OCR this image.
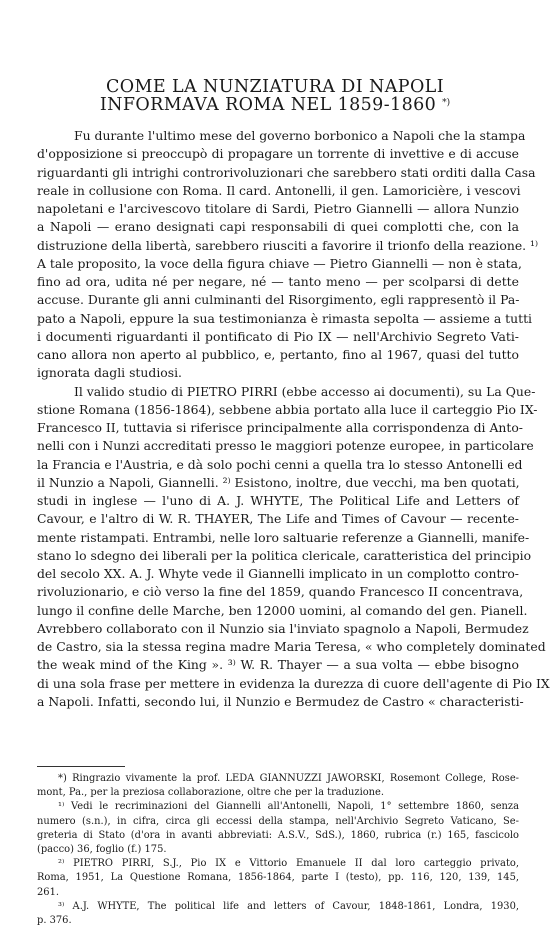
COME LA NUNZIATURA DI NAPOLI
INFORMAVA ROMA NEL 1859-1860 *)
Fu durante l'ultimo mese del governo borbonico a Napoli che la stampa
d'opposizione si preoccupò di propagare un torrente di invettive e di accuse
riguardanti gli intrighi controrivoluzionari che sarebbero stati orditi dalla Casa
reale in collusione con Roma. Il card. Antonelli, il gen. Lamoricière, i vescovi
napoletani e l'arcivescovo titolare di Sardi, Pietro Giannelli — allora Nunzio
a Napoli — erano designati capi responsabili di quei complotti che, con la
distruzione della libertà, sarebbero riusciti a favorire il trionfo della reazione. ¹⁾
A tale proposito, la voce della figura chiave — Pietro Giannelli — non è stata,
fino ad ora, udita né per negare, né — tanto meno — per scolparsi di dette
accuse. Durante gli anni culminanti del Risorgimento, egli rappresentò il Pa-
pato a Napoli, eppure la sua testimonianza è rimasta sepolta — assieme a tutti
i documenti riguardanti il pontificato di Pio IX — nell'Archivio Segreto Vati-
cano allora non aperto al pubblico, e, pertanto, fino al 1967, quasi del tutto
ignorata dagli studiosi.
Il valido studio di PIETRO PIRRI (ebbe accesso ai documenti), su La Que-
stione Romana (1856-1864), sebbene abbia portato alla luce il carteggio Pio IX-
Francesco II, tuttavia si riferisce principalmente alla corrispondenza di Anto-
nelli con i Nunzi accreditati presso le maggiori potenze europee, in particolare
la Francia e l'Austria, e dà solo pochi cenni a quella tra lo stesso Antonelli ed
il Nunzio a Napoli, Giannelli. ²⁾ Esistono, inoltre, due vecchi, ma ben quotati,
studi in inglese — l'uno di A. J. WHYTE, The Political Life and Letters of
Cavour, e l'altro di W. R. THAYER, The Life and Times of Cavour — recente-
mente ristampati. Entrambi, nelle loro saltuarie referenze a Giannelli, manife-
stano lo sdegno dei liberali per la politica clericale, caratteristica del principio
del secolo XX. A. J. Whyte vede il Giannelli implicato in un complotto contro-
rivoluzionario, e ciò verso la fine del 1859, quando Francesco II concentrava,
lungo il confine delle Marche, ben 12000 uomini, al comando del gen. Pianell.
Avrebbero collaborato con il Nunzio sia l'inviato spagnolo a Napoli, Bermudez
de Castro, sia la stessa regina madre Maria Teresa, « who completely dominated
the weak mind of the King ». ³⁾ W. R. Thayer — a sua volta — ebbe bisogno
di una sola frase per mettere in evidenza la durezza di cuore dell'agente di Pio IX
a Napoli. Infatti, secondo lui, il Nunzio e Bermudez de Castro « characteristi-
*) Ringrazio vivamente la prof. LEDA GIANNUZZI JAWORSKI, Rosemont College, Rose-
mont, Pa., per la preziosa collaborazione, oltre che per la traduzione.
¹⁾ Vedi le recriminazioni del Giannelli all'Antonelli, Napoli, 1° settembre 1860, senza
numero (s.n.), in cifra, circa gli eccessi della stampa, nell'Archivio Segreto Vaticano, Se-
greteria di Stato (d'ora in avanti abbreviati: A.S.V., SdS.), 1860, rubrica (r.) 165, fascicolo
(pacco) 36, foglio (f.) 175.
²⁾ PIETRO PIRRI, S.J., Pio IX e Vittorio Emanuele II dal loro carteggio privato,
Roma, 1951, La Questione Romana, 1856-1864, parte I (testo), pp. 116, 120, 139, 145,
261.
³⁾ A.J. WHYTE, The political life and letters of Cavour, 1848-1861, Londra, 1930,
p. 376.
